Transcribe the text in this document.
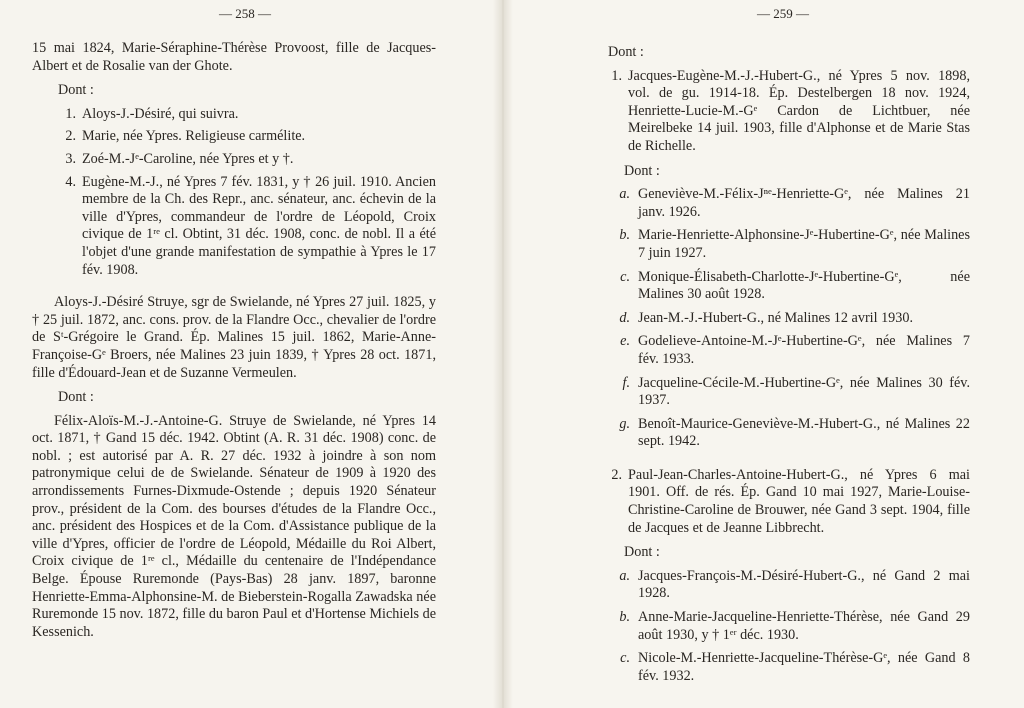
— 258 —

15 mai 1824, Marie-Séraphine-Thérèse Provoost, fille de Jacques-Albert et de Rosalie van der Ghote.

Dont :

1. Aloys-J.-Désiré, qui suivra.
2. Marie, née Ypres. Religieuse carmélite.
3. Zoé-M.-Jᵉ-Caroline, née Ypres et y †.
4. Eugène-M.-J., né Ypres 7 fév. 1831, y † 26 juil. 1910. Ancien membre de la Ch. des Repr., anc. sénateur, anc. échevin de la ville d'Ypres, commandeur de l'ordre de Léopold, Croix civique de 1ʳᵉ cl. Obtint, 31 déc. 1908, conc. de nobl. Il a été l'objet d'une grande manifestation de sympathie à Ypres le 17 fév. 1908.

Aloys-J.-Désiré Struye, sgr de Swielande, né Ypres 27 juil. 1825, y † 25 juil. 1872, anc. cons. prov. de la Flandre Occ., chevalier de l'ordre de Sᵗ-Grégoire le Grand. Ép. Malines 15 juil. 1862, Marie-Anne-Françoise-Gᵉ Broers, née Malines 23 juin 1839, † Ypres 28 oct. 1871, fille d'Édouard-Jean et de Suzanne Vermeulen.

Dont :

Félix-Aloïs-M.-J.-Antoine-G. Struye de Swielande, né Ypres 14 oct. 1871, † Gand 15 déc. 1942. Obtint (A. R. 31 déc. 1908) conc. de nobl. ; est autorisé par A. R. 27 déc. 1932 à joindre à son nom patronymique celui de de Swielande. Sénateur de 1909 à 1920 des arrondissements Furnes-Dixmude-Ostende ; depuis 1920 Sénateur prov., président de la Com. des bourses d'études de la Flandre Occ., anc. président des Hospices et de la Com. d'Assistance publique de la ville d'Ypres, officier de l'ordre de Léopold, Médaille du Roi Albert, Croix civique de 1ʳᵉ cl., Médaille du centenaire de l'Indépendance Belge. Épouse Ruremonde (Pays-Bas) 28 janv. 1897, baronne Henriette-Emma-Alphonsine-M. de Bieberstein-Rogalla Zawadska née Ruremonde 15 nov. 1872, fille du baron Paul et d'Hortense Michiels de Kessenich.

— 259 —

Dont :

1. Jacques-Eugène-M.-J.-Hubert-G., né Ypres 5 nov. 1898, vol. de gu. 1914-18. Ép. Destelbergen 18 nov. 1924, Henriette-Lucie-M.-Gᵉ Cardon de Lichtbuer, née Meirelbeke 14 juil. 1903, fille d'Alphonse et de Marie Stas de Richelle.

Dont :

a. Geneviève-M.-Félix-Jⁿᵉ-Henriette-Gᵉ, née Malines 21 janv. 1926.
b. Marie-Henriette-Alphonsine-Jᵉ-Hubertine-Gᵉ, née Malines 7 juin 1927.
c. Monique-Élisabeth-Charlotte-Jᵉ-Hubertine-Gᵉ, née Malines 30 août 1928.
d. Jean-M.-J.-Hubert-G., né Malines 12 avril 1930.
e. Godelieve-Antoine-M.-Jᵉ-Hubertine-Gᵉ, née Malines 7 fév. 1933.
f. Jacqueline-Cécile-M.-Hubertine-Gᵉ, née Malines 30 fév. 1937.
g. Benoît-Maurice-Geneviève-M.-Hubert-G., né Malines 22 sept. 1942.
2. Paul-Jean-Charles-Antoine-Hubert-G., né Ypres 6 mai 1901. Off. de rés. Ép. Gand 10 mai 1927, Marie-Louise-Christine-Caroline de Brouwer, née Gand 3 sept. 1904, fille de Jacques et de Jeanne Libbrecht.

Dont :

a. Jacques-François-M.-Désiré-Hubert-G., né Gand 2 mai 1928.
b. Anne-Marie-Jacqueline-Henriette-Thérèse, née Gand 29 août 1930, y † 1ᵉʳ déc. 1930.
c. Nicole-M.-Henriette-Jacqueline-Thérèse-Gᵉ, née Gand 8 fév. 1932.
